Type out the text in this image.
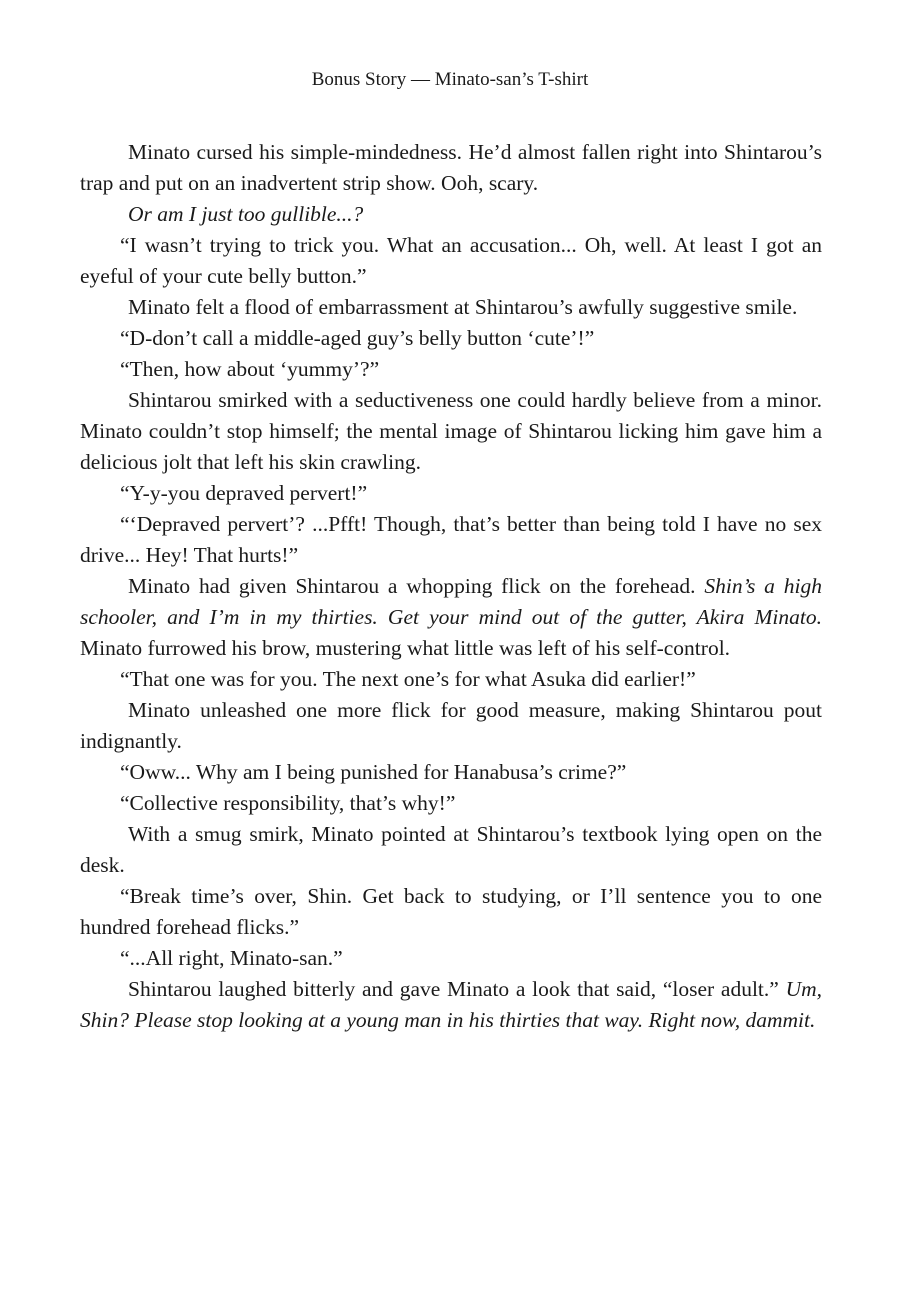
Bonus Story — Minato-san’s T-shirt

Minato cursed his simple-mindedness. He’d almost fallen right into Shintarou’s trap and put on an inadvertent strip show. Ooh, scary.

Or am I just too gullible...?

“I wasn’t trying to trick you. What an accusation... Oh, well. At least I got an eyeful of your cute belly button.”

Minato felt a flood of embarrassment at Shintarou’s awfully suggestive smile.

“D-don’t call a middle-aged guy’s belly button ‘cute’!”

“Then, how about ‘yummy’?”

Shintarou smirked with a seductiveness one could hardly believe from a minor. Minato couldn’t stop himself; the mental image of Shintarou licking him gave him a delicious jolt that left his skin crawling.

“Y-y-you depraved pervert!”

“‘Depraved pervert’? ...Pfft! Though, that’s better than being told I have no sex drive... Hey! That hurts!”

Minato had given Shintarou a whopping flick on the forehead. Shin’s a high schooler, and I’m in my thirties. Get your mind out of the gutter, Akira Minato. Minato furrowed his brow, mustering what little was left of his self-control.

“That one was for you. The next one’s for what Asuka did earlier!”

Minato unleashed one more flick for good measure, making Shintarou pout indignantly.

“Oww... Why am I being punished for Hanabusa’s crime?”

“Collective responsibility, that’s why!”

With a smug smirk, Minato pointed at Shintarou’s textbook lying open on the desk.

“Break time’s over, Shin. Get back to studying, or I’ll sentence you to one hundred forehead flicks.”

“...All right, Minato-san.”

Shintarou laughed bitterly and gave Minato a look that said, “loser adult.” Um, Shin? Please stop looking at a young man in his thirties that way. Right now, dammit.
